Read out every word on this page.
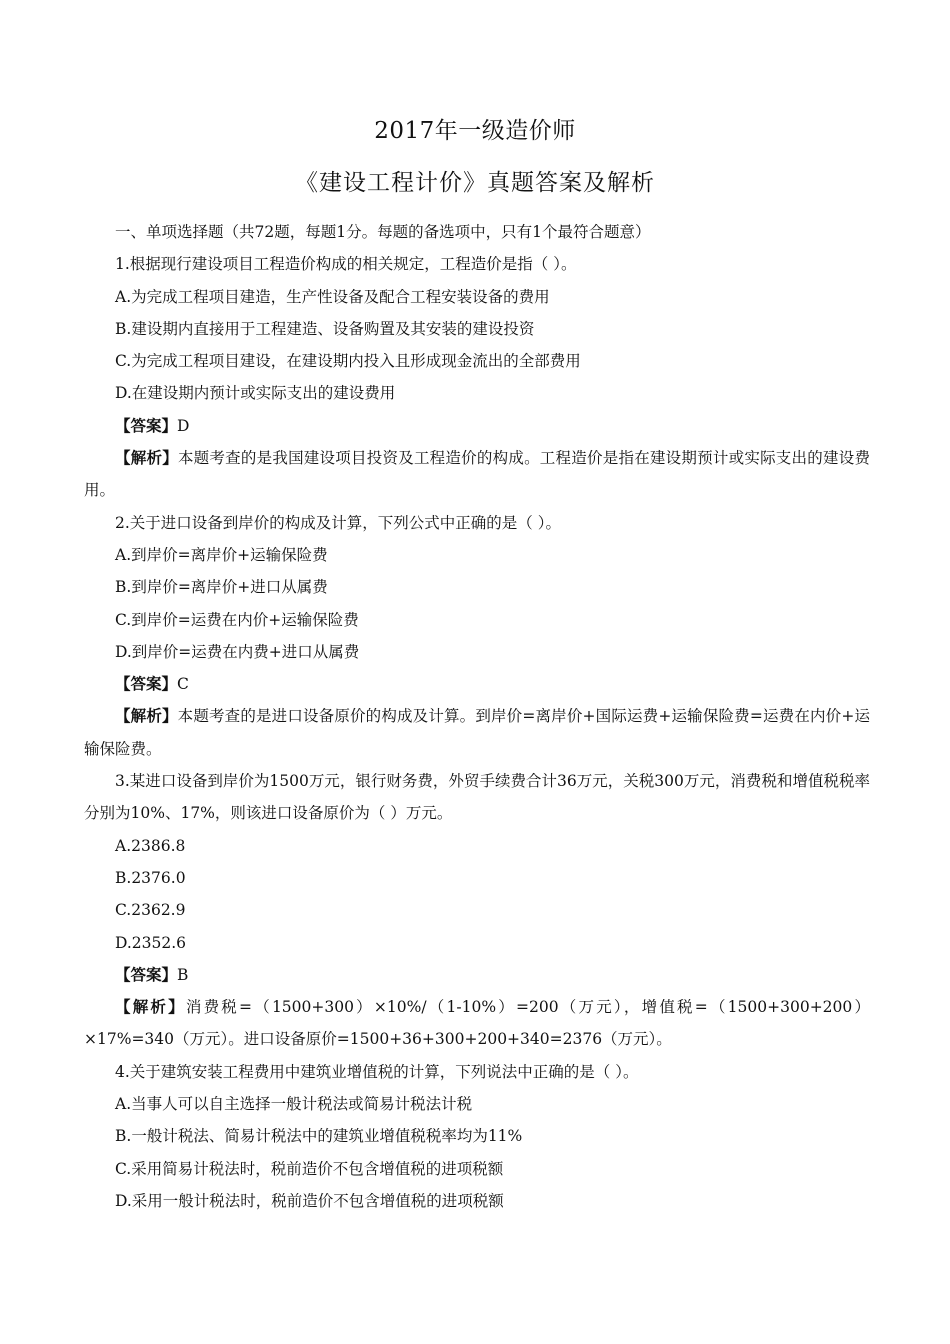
2017年一级造价师
《建设工程计价》真题答案及解析

一、单项选择题（共72题，每题1分。每题的备选项中，只有1个最符合题意）

1.根据现行建设项目工程造价构成的相关规定，工程造价是指（ ）。

A.为完成工程项目建造，生产性设备及配合工程安装设备的费用

B.建设期内直接用于工程建造、设备购置及其安装的建设投资

C.为完成工程项目建设，在建设期内投入且形成现金流出的全部费用

D.在建设期内预计或实际支出的建设费用

【答案】D

【解析】本题考查的是我国建设项目投资及工程造价的构成。工程造价是指在建设期预计或实际支出的建设费用。

2.关于进口设备到岸价的构成及计算，下列公式中正确的是（ ）。

A.到岸价=离岸价+运输保险费

B.到岸价=离岸价+进口从属费

C.到岸价=运费在内价+运输保险费

D.到岸价=运费在内费+进口从属费

【答案】C

【解析】本题考查的是进口设备原价的构成及计算。到岸价=离岸价+国际运费+运输保险费=运费在内价+运输保险费。

3.某进口设备到岸价为1500万元，银行财务费，外贸手续费合计36万元，关税300万元，消费税和增值税税率分别为10%、17%，则该进口设备原价为（ ）万元。

A.2386.8

B.2376.0

C.2362.9

D.2352.6

【答案】B

【解析】消费税=（1500+300）×10%/（1-10%）=200（万元），增值税=（1500+300+200）×17%=340（万元）。进口设备原价=1500+36+300+200+340=2376（万元）。

4.关于建筑安装工程费用中建筑业增值税的计算，下列说法中正确的是（ ）。

A.当事人可以自主选择一般计税法或简易计税法计税

B.一般计税法、简易计税法中的建筑业增值税税率均为11%

C.采用简易计税法时，税前造价不包含增值税的进项税额

D.采用一般计税法时，税前造价不包含增值税的进项税额
